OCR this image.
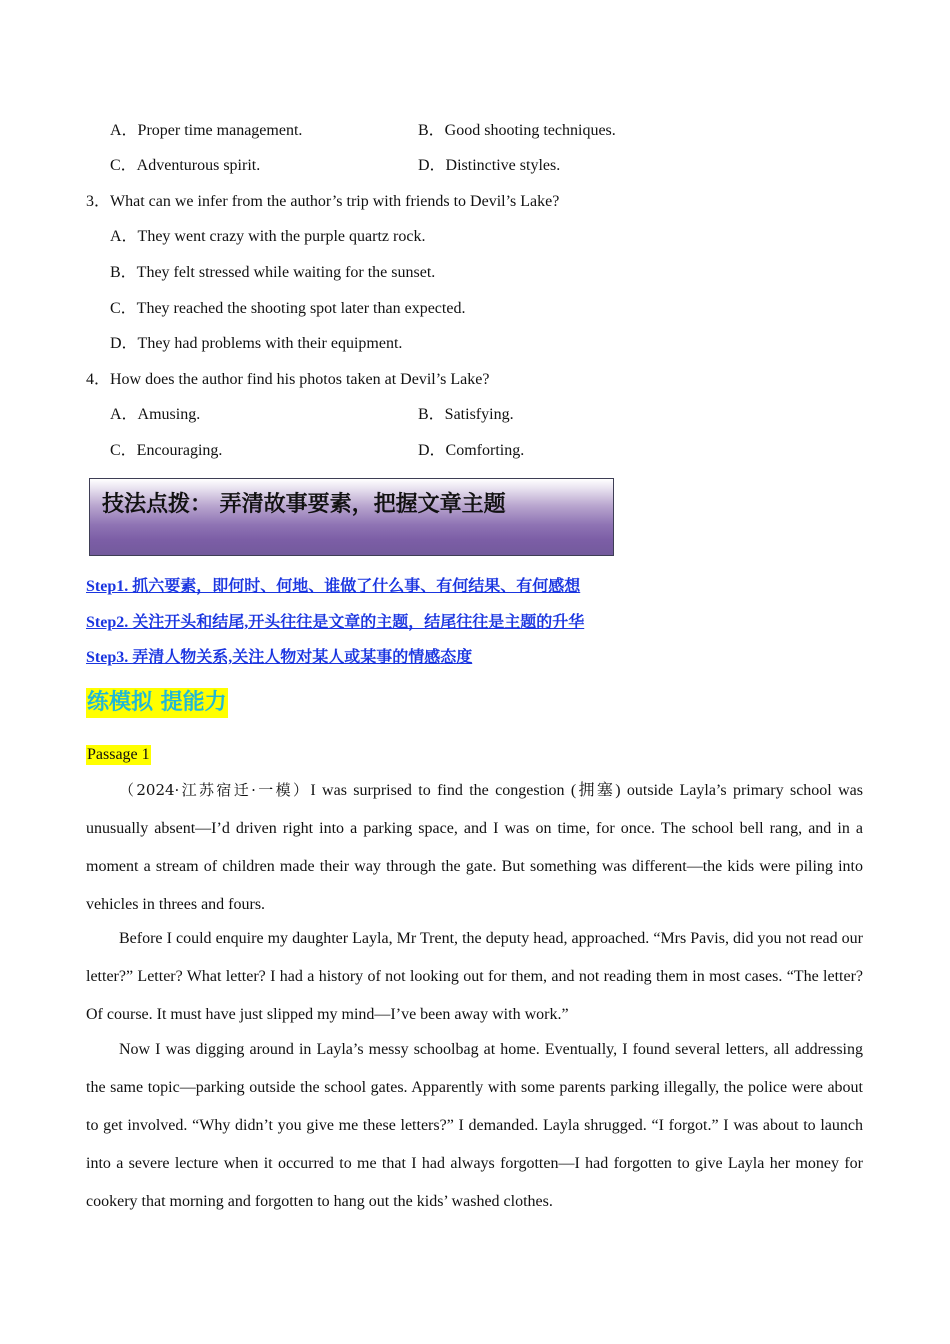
A．Proper time management.	B．Good shooting techniques.
C．Adventurous spirit.	D．Distinctive styles.
3．What can we infer from the author’s trip with friends to Devil’s Lake?
A．They went crazy with the purple quartz rock.
B．They felt stressed while waiting for the sunset.
C．They reached the shooting spot later than expected.
D．They had problems with their equipment.
4．How does the author find his photos taken at Devil’s Lake?
A．Amusing.	B．Satisfying.
C．Encouraging.	D．Comforting.
技法点拨： 弄清故事要素，把握文章主题
Step1. 抓六要素，即何时、何地、谁做了什么事、有何结果、有何感想
Step2. 关注开头和结尾,开头往往是文章的主题，结尾往往是主题的升华
Step3. 弄清人物关系,关注人物对某人或某事的情感态度
练模拟 提能力
Passage 1
（2024·江苏宿迁·一模）I was surprised to find the congestion (拥塞) outside Layla’s primary school was unusually absent—I’d driven right into a parking space, and I was on time, for once. The school bell rang, and in a moment a stream of children made their way through the gate. But something was different—the kids were piling into vehicles in threes and fours.
Before I could enquire my daughter Layla, Mr Trent, the deputy head, approached. “Mrs Pavis, did you not read our letter?” Letter? What letter? I had a history of not looking out for them, and not reading them in most cases. “The letter? Of course. It must have just slipped my mind—I’ve been away with work.”
Now I was digging around in Layla’s messy schoolbag at home. Eventually, I found several letters, all addressing the same topic—parking outside the school gates. Apparently with some parents parking illegally, the police were about to get involved. “Why didn’t you give me these letters?” I demanded. Layla shrugged. “I forgot.” I was about to launch into a severe lecture when it occurred to me that I had always forgotten—I had forgotten to give Layla her money for cookery that morning and forgotten to hang out the kids’ washed clothes.
